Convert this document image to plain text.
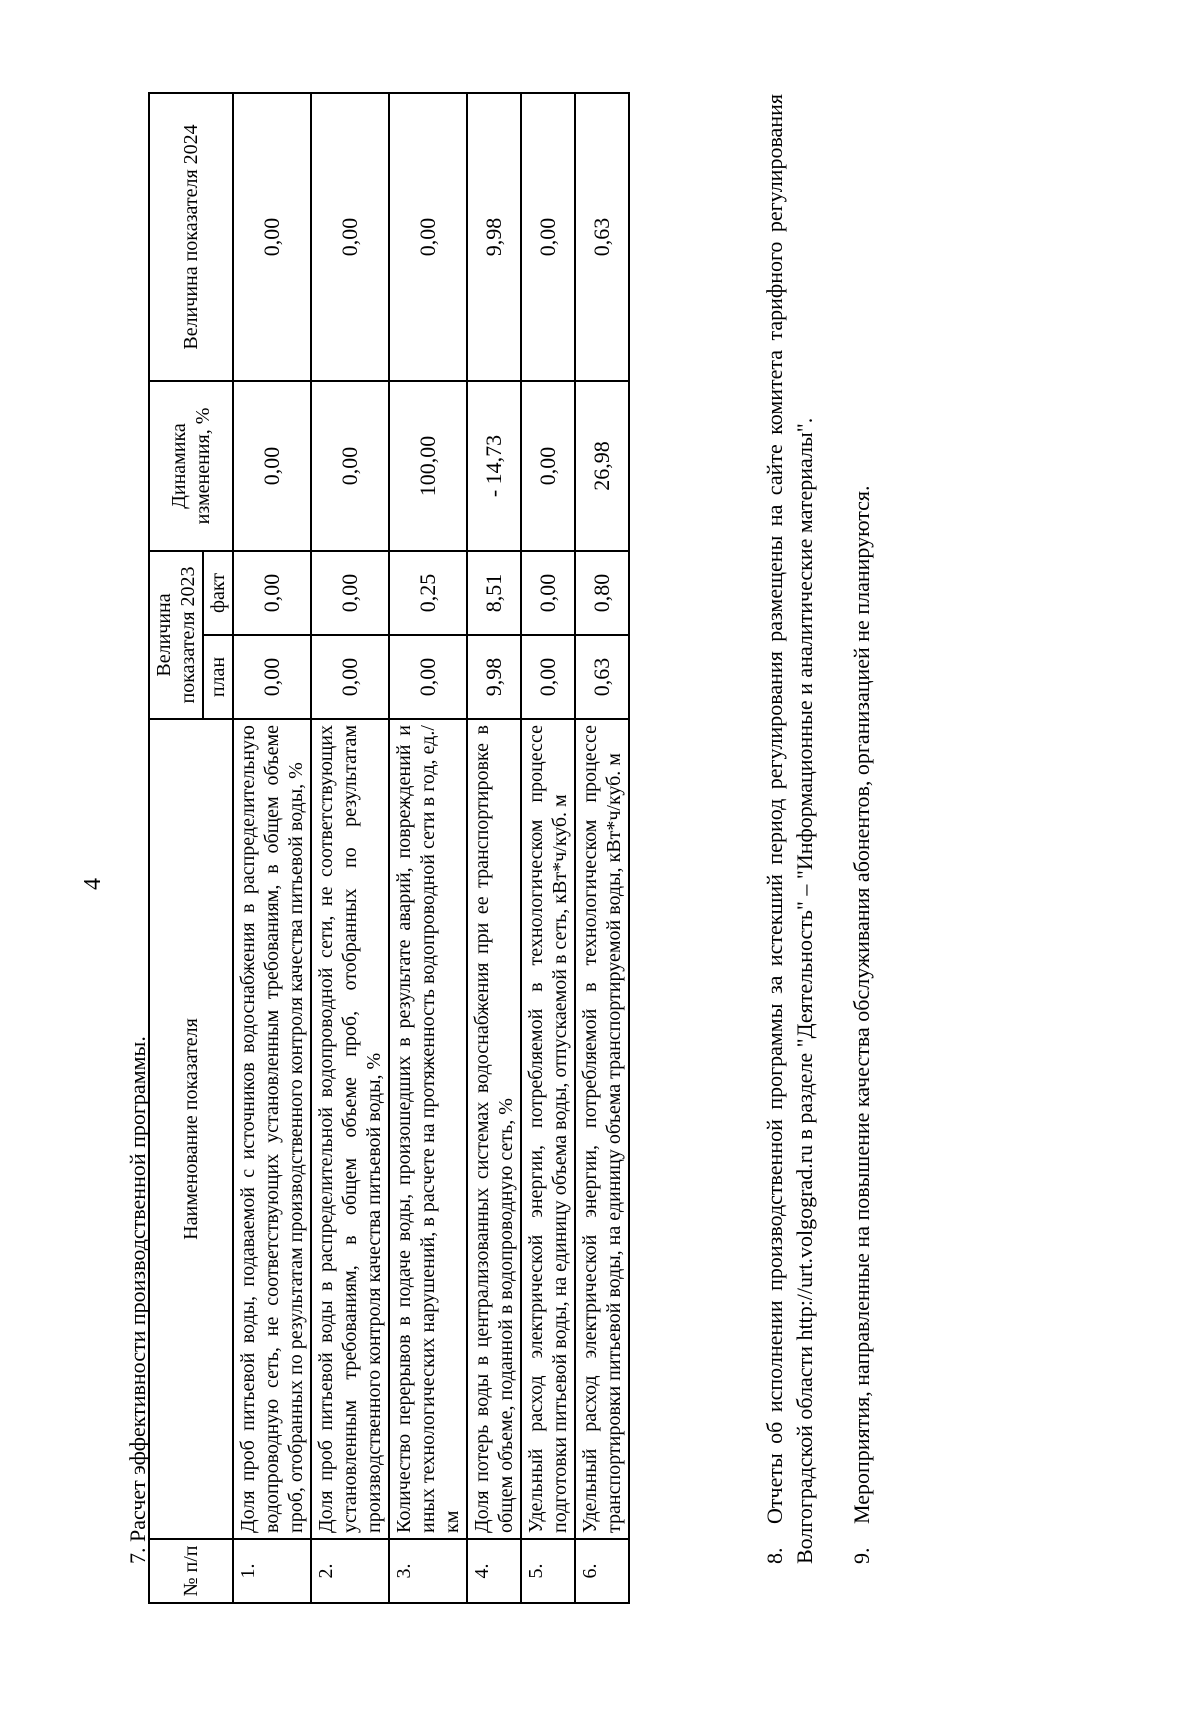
4
7. Расчет эффективности производственной программы.
№ п/п	Наименование показателя	Величина показателя 2023		Динамика изменения, %	Величина показателя 2024
		план	факт		
1.	Доля проб питьевой воды, подаваемой с источников водоснабжения в распределительную водопроводную сеть, не соответствующих установленным требованиям, в общем объеме проб, отобранных по результатам производственного контроля качества питьевой воды, %	0,00	0,00	0,00	0,00
2.	Доля проб питьевой воды в распределительной водопроводной сети, не соответствующих установленным требованиям, в общем объеме проб, отобранных по результатам производственного контроля качества питьевой воды, %	0,00	0,00	0,00	0,00
3.	Количество перерывов в подаче воды, произошедших в результате аварий, повреждений и иных технологических нарушений, в расчете на протяженность водопроводной сети в год, ед./км	0,00	0,25	100,00	0,00
4.	Доля потерь воды в централизованных системах водоснабжения при ее транспортировке в общем объеме, поданной в водопроводную сеть, %	9,98	8,51	- 14,73	9,98
5.	Удельный расход электрической энергии, потребляемой в технологическом процессе подготовки питьевой воды, на единицу объема воды, отпускаемой в сеть, кВт*ч/куб. м	0,00	0,00	0,00	0,00
6.	Удельный расход электрической энергии, потребляемой в технологическом процессе транспортировки питьевой воды, на единицу объема транспортируемой воды, кВт*ч/куб. м	0,63	0,80	26,98	0,63
8.Отчеты об исполнении производственной программы за истекший период регулирования размещены на сайте комитета тарифного регулирования Волгоградской области http://urt.volgograd.ru в разделе "Деятельность" – "Информационные и аналитические материалы". 9.Мероприятия, направленные на повышение качества обслуживания абонентов, организацией не планируются.
